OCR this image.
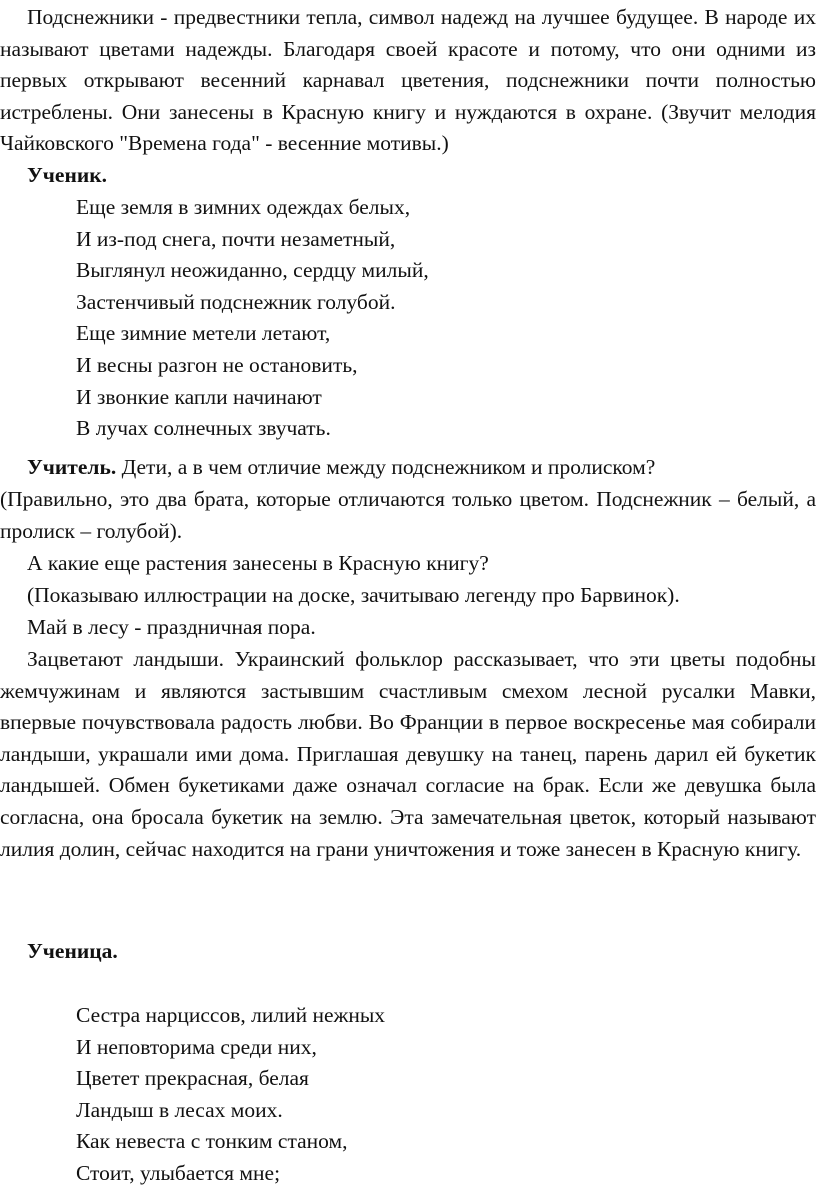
Подснежники - предвестники тепла, символ надежд на лучшее будущее. В народе их называют цветами надежды. Благодаря своей красоте и потому, что они одними из первых открывают весенний карнавал цветения, подснежники почти полностью истреблены. Они занесены в Красную книгу и нуждаются в охране. (Звучит мелодия Чайковского "Времена года" - весенние мотивы.)

Ученик.

Еще земля в зимних одеждах белых,
И из-под снега, почти незаметный,
Выглянул неожиданно, сердцу милый,
Застенчивый подснежник голубой.
Еще зимние метели летают,
И весны разгон не остановить,
И звонкие капли начинают
В лучах солнечных звучать.

Учитель. Дети, а в чем отличие между подснежником и пролиском?

(Правильно, это два брата, которые отличаются только цветом. Подснежник – белый, а пролиск – голубой).

А какие еще растения занесены в Красную книгу?

(Показываю иллюстрации на доске, зачитываю легенду про Барвинок).

Май в лесу - праздничная пора.

Зацветают ландыши. Украинский фольклор рассказывает, что эти цветы подобны жемчужинам и являются застывшим счастливым смехом лесной русалки Мавки, впервые почувствовала радость любви. Во Франции в первое воскресенье мая собирали ландыши, украшали ими дома. Приглашая девушку на танец, парень дарил ей букетик ландышей. Обмен букетиками даже означал согласие на брак. Если же девушка была согласна, она бросала букетик на землю. Эта замечательная цветок, который называют лилия долин, сейчас находится на грани уничтожения и тоже занесен в Красную книгу.

Ученица.

Сестра нарциссов, лилий нежных
И неповторима среди них,
Цветет прекрасная, белая
Ландыш в лесах моих.
Как невеста с тонким станом,
Стоит, улыбается мне;
